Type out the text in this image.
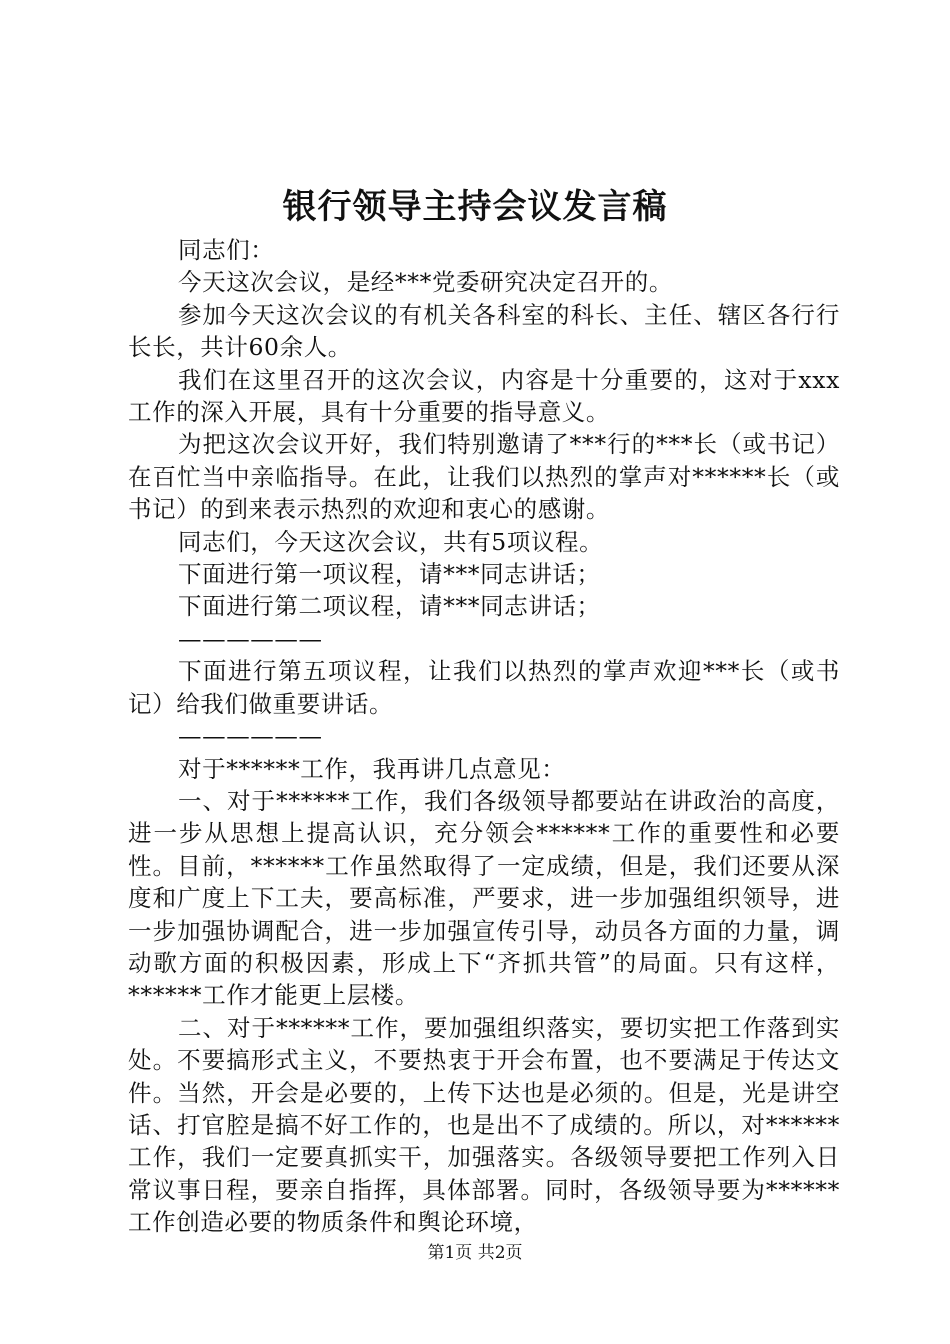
银行领导主持会议发言稿

同志们：

今天这次会议，是经***党委研究决定召开的。

参加今天这次会议的有机关各科室的科长、主任、辖区各行行长长，共计60余人。

我们在这里召开的这次会议，内容是十分重要的，这对于xxx工作的深入开展，具有十分重要的指导意义。

为把这次会议开好，我们特别邀请了***行的***长（或书记）在百忙当中亲临指导。在此，让我们以热烈的掌声对******长（或书记）的到来表示热烈的欢迎和衷心的感谢。

同志们，今天这次会议，共有5项议程。

下面进行第一项议程，请***同志讲话；

下面进行第二项议程，请***同志讲话；

——————

下面进行第五项议程，让我们以热烈的掌声欢迎***长（或书记）给我们做重要讲话。

——————

对于******工作，我再讲几点意见：

一、对于******工作，我们各级领导都要站在讲政治的高度，进一步从思想上提高认识，充分领会******工作的重要性和必要性。目前，******工作虽然取得了一定成绩，但是，我们还要从深度和广度上下工夫，要高标准，严要求，进一步加强组织领导，进一步加强协调配合，进一步加强宣传引导，动员各方面的力量，调动歌方面的积极因素，形成上下“齐抓共管”的局面。只有这样，******工作才能更上层楼。

二、对于******工作，要加强组织落实，要切实把工作落到实处。不要搞形式主义，不要热衷于开会布置，也不要满足于传达文件。当然，开会是必要的，上传下达也是必须的。但是，光是讲空话、打官腔是搞不好工作的，也是出不了成绩的。所以，对******工作，我们一定要真抓实干，加强落实。各级领导要把工作列入日常议事日程，要亲自指挥，具体部署。同时，各级领导要为******工作创造必要的物质条件和舆论环境，

第1页 共2页
